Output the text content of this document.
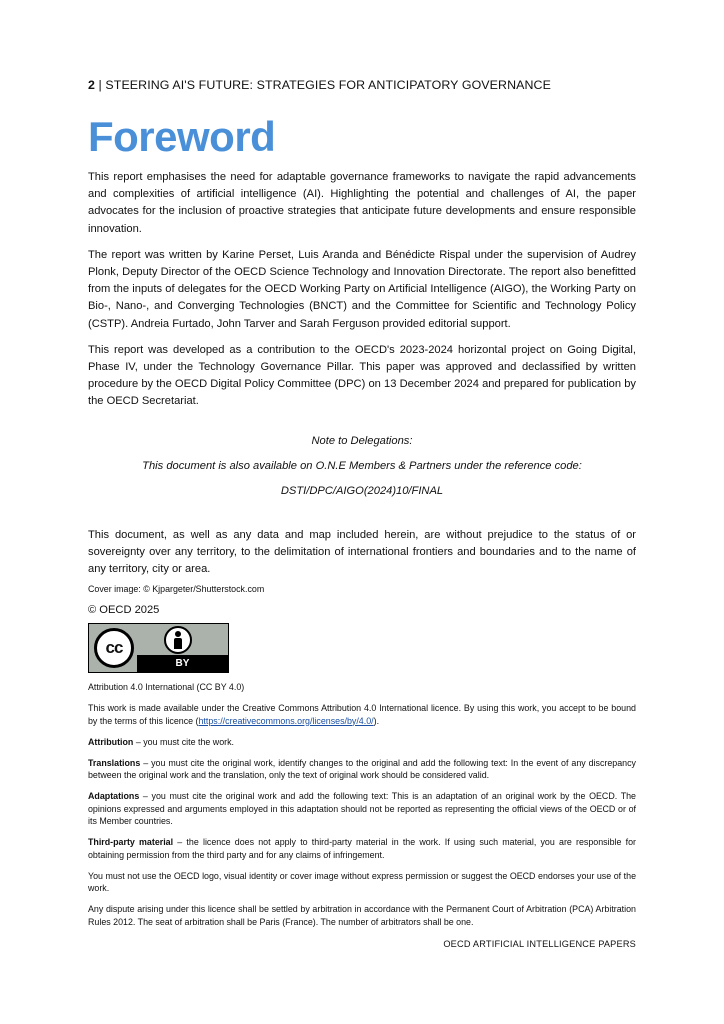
2 | STEERING AI'S FUTURE: STRATEGIES FOR ANTICIPATORY GOVERNANCE
Foreword

This report emphasises the need for adaptable governance frameworks to navigate the rapid advancements and complexities of artificial intelligence (AI). Highlighting the potential and challenges of AI, the paper advocates for the inclusion of proactive strategies that anticipate future developments and ensure responsible innovation.

The report was written by Karine Perset, Luis Aranda and Bénédicte Rispal under the supervision of Audrey Plonk, Deputy Director of the OECD Science Technology and Innovation Directorate. The report also benefitted from the inputs of delegates for the OECD Working Party on Artificial Intelligence (AIGO), the Working Party on Bio-, Nano-, and Converging Technologies (BNCT) and the Committee for Scientific and Technology Policy (CSTP). Andreia Furtado, John Tarver and Sarah Ferguson provided editorial support.

This report was developed as a contribution to the OECD's 2023-2024 horizontal project on Going Digital, Phase IV, under the Technology Governance Pillar. This paper was approved and declassified by written procedure by the OECD Digital Policy Committee (DPC) on 13 December 2024 and prepared for publication by the OECD Secretariat.

Note to Delegations:
This document is also available on O.N.E Members & Partners under the reference code:
DSTI/DPC/AIGO(2024)10/FINAL

This document, as well as any data and map included herein, are without prejudice to the status of or sovereignty over any territory, to the delimitation of international frontiers and boundaries and to the name of any territory, city or area.

Cover image: © Kjpargeter/Shutterstock.com

© OECD 2025

cc
BY

Attribution 4.0 International (CC BY 4.0)

This work is made available under the Creative Commons Attribution 4.0 International licence. By using this work, you accept to be bound by the terms of this licence (https://creativecommons.org/licenses/by/4.0/).

Attribution – you must cite the work.

Translations – you must cite the original work, identify changes to the original and add the following text: In the event of any discrepancy between the original work and the translation, only the text of original work should be considered valid.

Adaptations – you must cite the original work and add the following text: This is an adaptation of an original work by the OECD. The opinions expressed and arguments employed in this adaptation should not be reported as representing the official views of the OECD or of its Member countries.

Third-party material – the licence does not apply to third-party material in the work. If using such material, you are responsible for obtaining permission from the third party and for any claims of infringement.

You must not use the OECD logo, visual identity or cover image without express permission or suggest the OECD endorses your use of the work.

Any dispute arising under this licence shall be settled by arbitration in accordance with the Permanent Court of Arbitration (PCA) Arbitration Rules 2012. The seat of arbitration shall be Paris (France). The number of arbitrators shall be one.

OECD ARTIFICIAL INTELLIGENCE PAPERS
